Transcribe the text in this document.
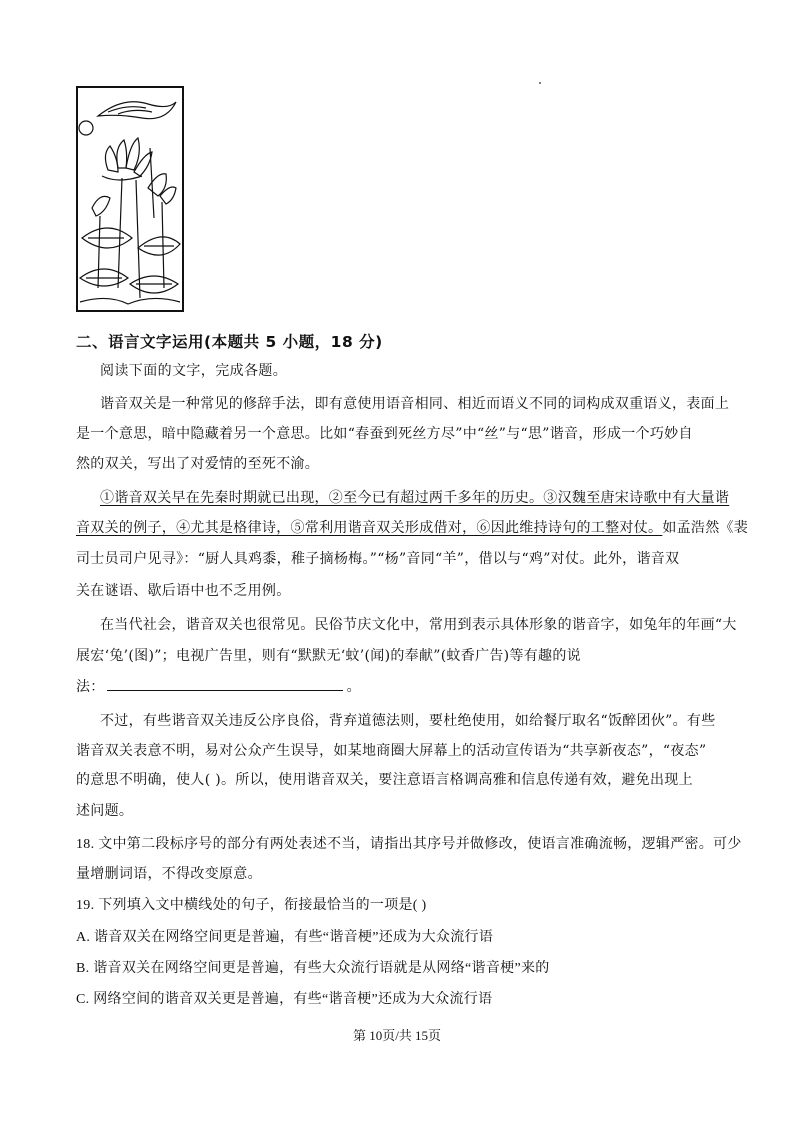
二、语言文字运用(本题共 5 小题，18 分)
阅读下面的文字，完成各题。
谐音双关是一种常见的修辞手法，即有意使用语音相同、相近而语义不同的词构成双重语义，表面上
是一个意思，暗中隐藏着另一个意思。比如“春蚕到死丝方尽”中“丝”与“思”谐音，形成一个巧妙自
然的双关，写出了对爱情的至死不渝。
①谐音双关早在先秦时期就已出现，②至今已有超过两千多年的历史。③汉魏至唐宋诗歌中有大量谐
音双关的例子，④尤其是格律诗，⑤常利用谐音双关形成借对，⑥因此维持诗句的工整对仗。如孟浩然《裴
司士员司户见寻》：“厨人具鸡黍，稚子摘杨梅。”“杨”音同“羊”，借以与“鸡”对仗。此外，谐音双
关在谜语、歇后语中也不乏用例。
在当代社会，谐音双关也很常见。民俗节庆文化中，常用到表示具体形象的谐音字，如兔年的年画“大
展宏‘兔’(图)”；电视广告里，则有“默默无‘蚊’(闻)的奉献”(蚊香广告)等有趣的说
法：	。
不过，有些谐音双关违反公序良俗，背弃道德法则，要杜绝使用，如给餐厅取名“饭醉团伙”。有些
谐音双关表意不明，易对公众产生误导，如某地商圈大屏幕上的活动宣传语为“共享新夜态”，“夜态”
的意思不明确，使人( )。所以，使用谐音双关，要注意语言格调高雅和信息传递有效，避免出现上
述问题。
18. 文中第二段标序号的部分有两处表述不当，请指出其序号并做修改，使语言准确流畅，逻辑严密。可少
量增删词语，不得改变原意。
19. 下列填入文中横线处的句子，衔接最恰当的一项是( )
A. 谐音双关在网络空间更是普遍，有些“谐音梗”还成为大众流行语
B. 谐音双关在网络空间更是普遍，有些大众流行语就是从网络“谐音梗”来的
C. 网络空间的谐音双关更是普遍，有些“谐音梗”还成为大众流行语
第 10页/共 15页
